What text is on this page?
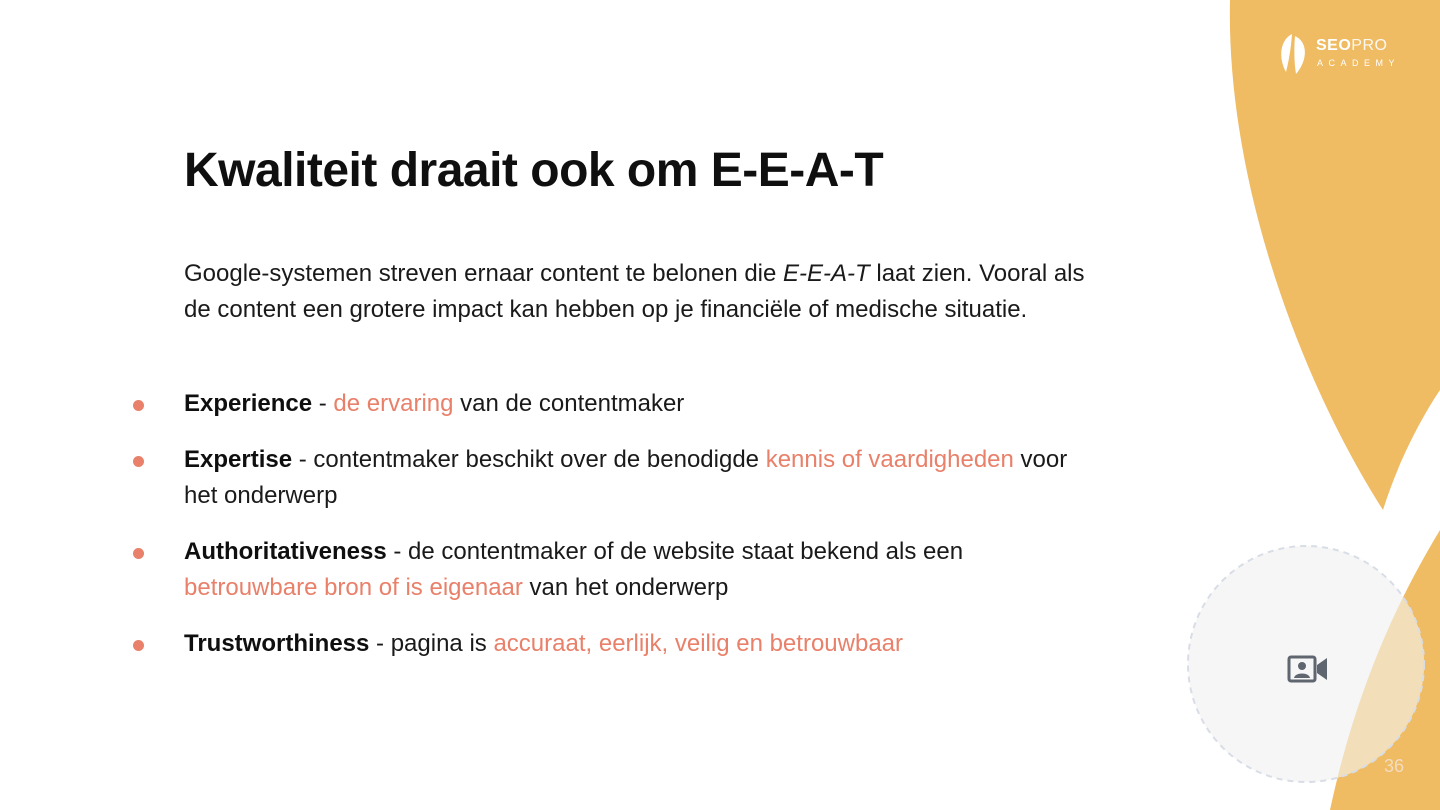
SEOPRO
ACADEMY
Kwaliteit draait ook om E-E-A-T

Google-systemen streven ernaar content te belonen die E-E-A-T laat zien. Vooral als de content een grotere impact kan hebben op je financiële of medische situatie.

Experience - de ervaring van de contentmaker
Expertise - contentmaker beschikt over de benodigde kennis of vaardigheden voor het onderwerp
Authoritativeness - de contentmaker of de website staat bekend als een betrouwbare bron of is eigenaar van het onderwerp
Trustworthiness - pagina is accuraat, eerlijk, veilig en betrouwbaar
36
